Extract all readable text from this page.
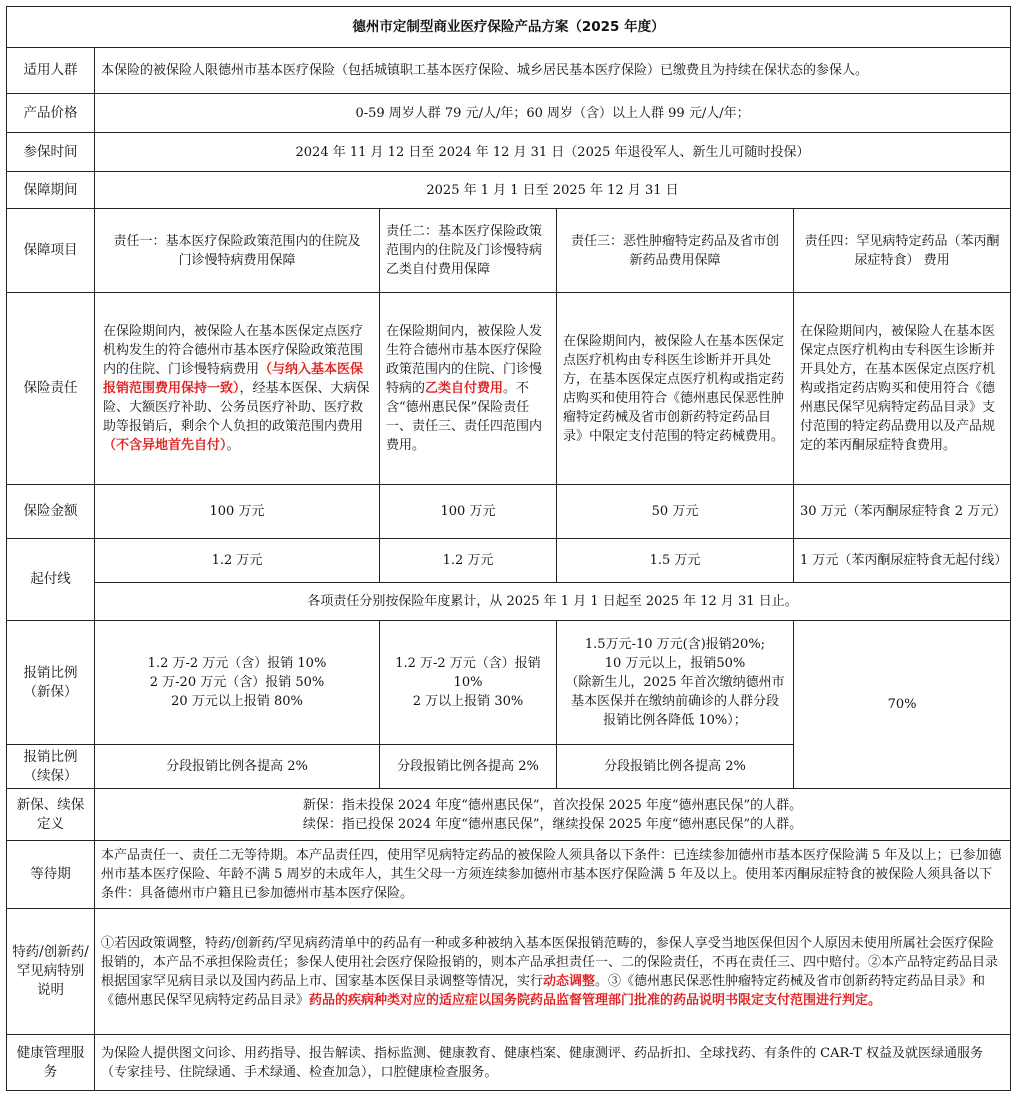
德州市定制型商业医疗保险产品方案（2025 年度）				
适用人群	本保险的被保险人限德州市基本医疗保险（包括城镇职工基本医疗保险、城乡居民基本医疗保险）已缴费且为持续在保状态的参保人。			
产品价格	0-59 周岁人群 79 元/人/年；60 周岁（含）以上人群 99 元/人/年；			
参保时间	2024 年 11 月 12 日至 2024 年 12 月 31 日（2025 年退役军人、新生儿可随时投保）			
保障期间	2025 年 1 月 1 日至 2025 年 12 月 31 日			
保障项目	责任一：基本医疗保险政策范围内的住院及门诊慢特病费用保障	责任二：基本医疗保险政策范围内的住院及门诊慢特病乙类自付费用保障	责任三：恶性肿瘤特定药品及省市创新药品费用保障	责任四：罕见病特定药品（苯丙酮尿症特食） 费用
保险责任	在保险期间内，被保险人在基本医保定点医疗机构发生的符合德州市基本医疗保险政策范围内的住院、门诊慢特病费用（与纳入基本医保报销范围费用保持一致），经基本医保、大病保险、大额医疗补助、公务员医疗补助、医疗救助等报销后，剩余个人负担的政策范围内费用（不含异地首先自付）。	在保险期间内，被保险人发生符合德州市基本医疗保险政策范围内的住院、门诊慢特病的乙类自付费用。不含“德州惠民保”保险责任一、责任三、责任四范围内费用。	在保险期间内，被保险人在基本医保定点医疗机构由专科医生诊断并开具处方，在基本医保定点医疗机构或指定药店购买和使用符合《德州惠民保恶性肿瘤特定药械及省市创新药特定药品目录》中限定支付范围的特定药械费用。	在保险期间内，被保险人在基本医保定点医疗机构由专科医生诊断并开具处方，在基本医保定点医疗机构或指定药店购买和使用符合《德州惠民保罕见病特定药品目录》支付范围的特定药品费用以及产品规定的苯丙酮尿症特食费用。
保险金额	100 万元	100 万元	50 万元	30 万元（苯丙酮尿症特食 2 万元）
起付线	1.2 万元	1.2 万元	1.5 万元	1 万元（苯丙酮尿症特食无起付线）
	各项责任分别按保险年度累计，从 2025 年 1 月 1 日起至 2025 年 12 月 31 日止。			
报销比例（新保）	1.2 万-2 万元（含）报销 10%
2 万-20 万元（含）报销 50%
20 万元以上报销 80%	1.2 万-2 万元（含）报销 10%
2 万以上报销 30%	1.5万元-10 万元(含)报销20%;
10 万元以上，报销50%
（除新生儿，2025 年首次缴纳德州市基本医保并在缴纳前确诊的人群分段报销比例各降低 10%）；	70%
报销比例（续保）	分段报销比例各提高 2%	分段报销比例各提高 2%	分段报销比例各提高 2%	
新保、续保定义	新保：指未投保 2024 年度“德州惠民保”，首次投保 2025 年度“德州惠民保”的人群。
续保：指已投保 2024 年度“德州惠民保”，继续投保 2025 年度“德州惠民保”的人群。			

等待期	本产品责任一、责任二无等待期。本产品责任四，使用罕见病特定药品的被保险人须具备以下条件：已连续参加德州市基本医疗保险满 5 年及以上；已参加德州市基本医疗保险、年龄不满 5 周岁的未成年人，其生父母一方须连续参加德州市基本医疗保险满 5 年及以上。使用苯丙酮尿症特食的被保险人须具备以下条件：具备德州市户籍且已参加德州市基本医疗保险。			
特药/创新药/罕见病特别说明	①若因政策调整，特药/创新药/罕见病药清单中的药品有一种或多种被纳入基本医保报销范畴的，参保人享受当地医保但因个人原因未使用所属社会医疗保险报销的，本产品不承担保险责任；参保人使用社会医疗保险报销的，则本产品承担责任一、二的保险责任，不再在责任三、四中赔付。②本产品特定药品目录根据国家罕见病目录以及国内药品上市、国家基本医保目录调整等情况，实行动态调整。③《德州惠民保恶性肿瘤特定药械及省市创新药特定药品目录》和《德州惠民保罕见病特定药品目录》药品的疾病种类对应的适应症以国务院药品监督管理部门批准的药品说明书限定支付范围进行判定。			
健康管理服务	为保险人提供图文问诊、用药指导、报告解读、指标监测、健康教育、健康档案、健康测评、药品折扣、全球找药、有条件的 CAR-T 权益及就医绿通服务（专家挂号、住院绿通、手术绿通、检查加急），口腔健康检查服务。			
